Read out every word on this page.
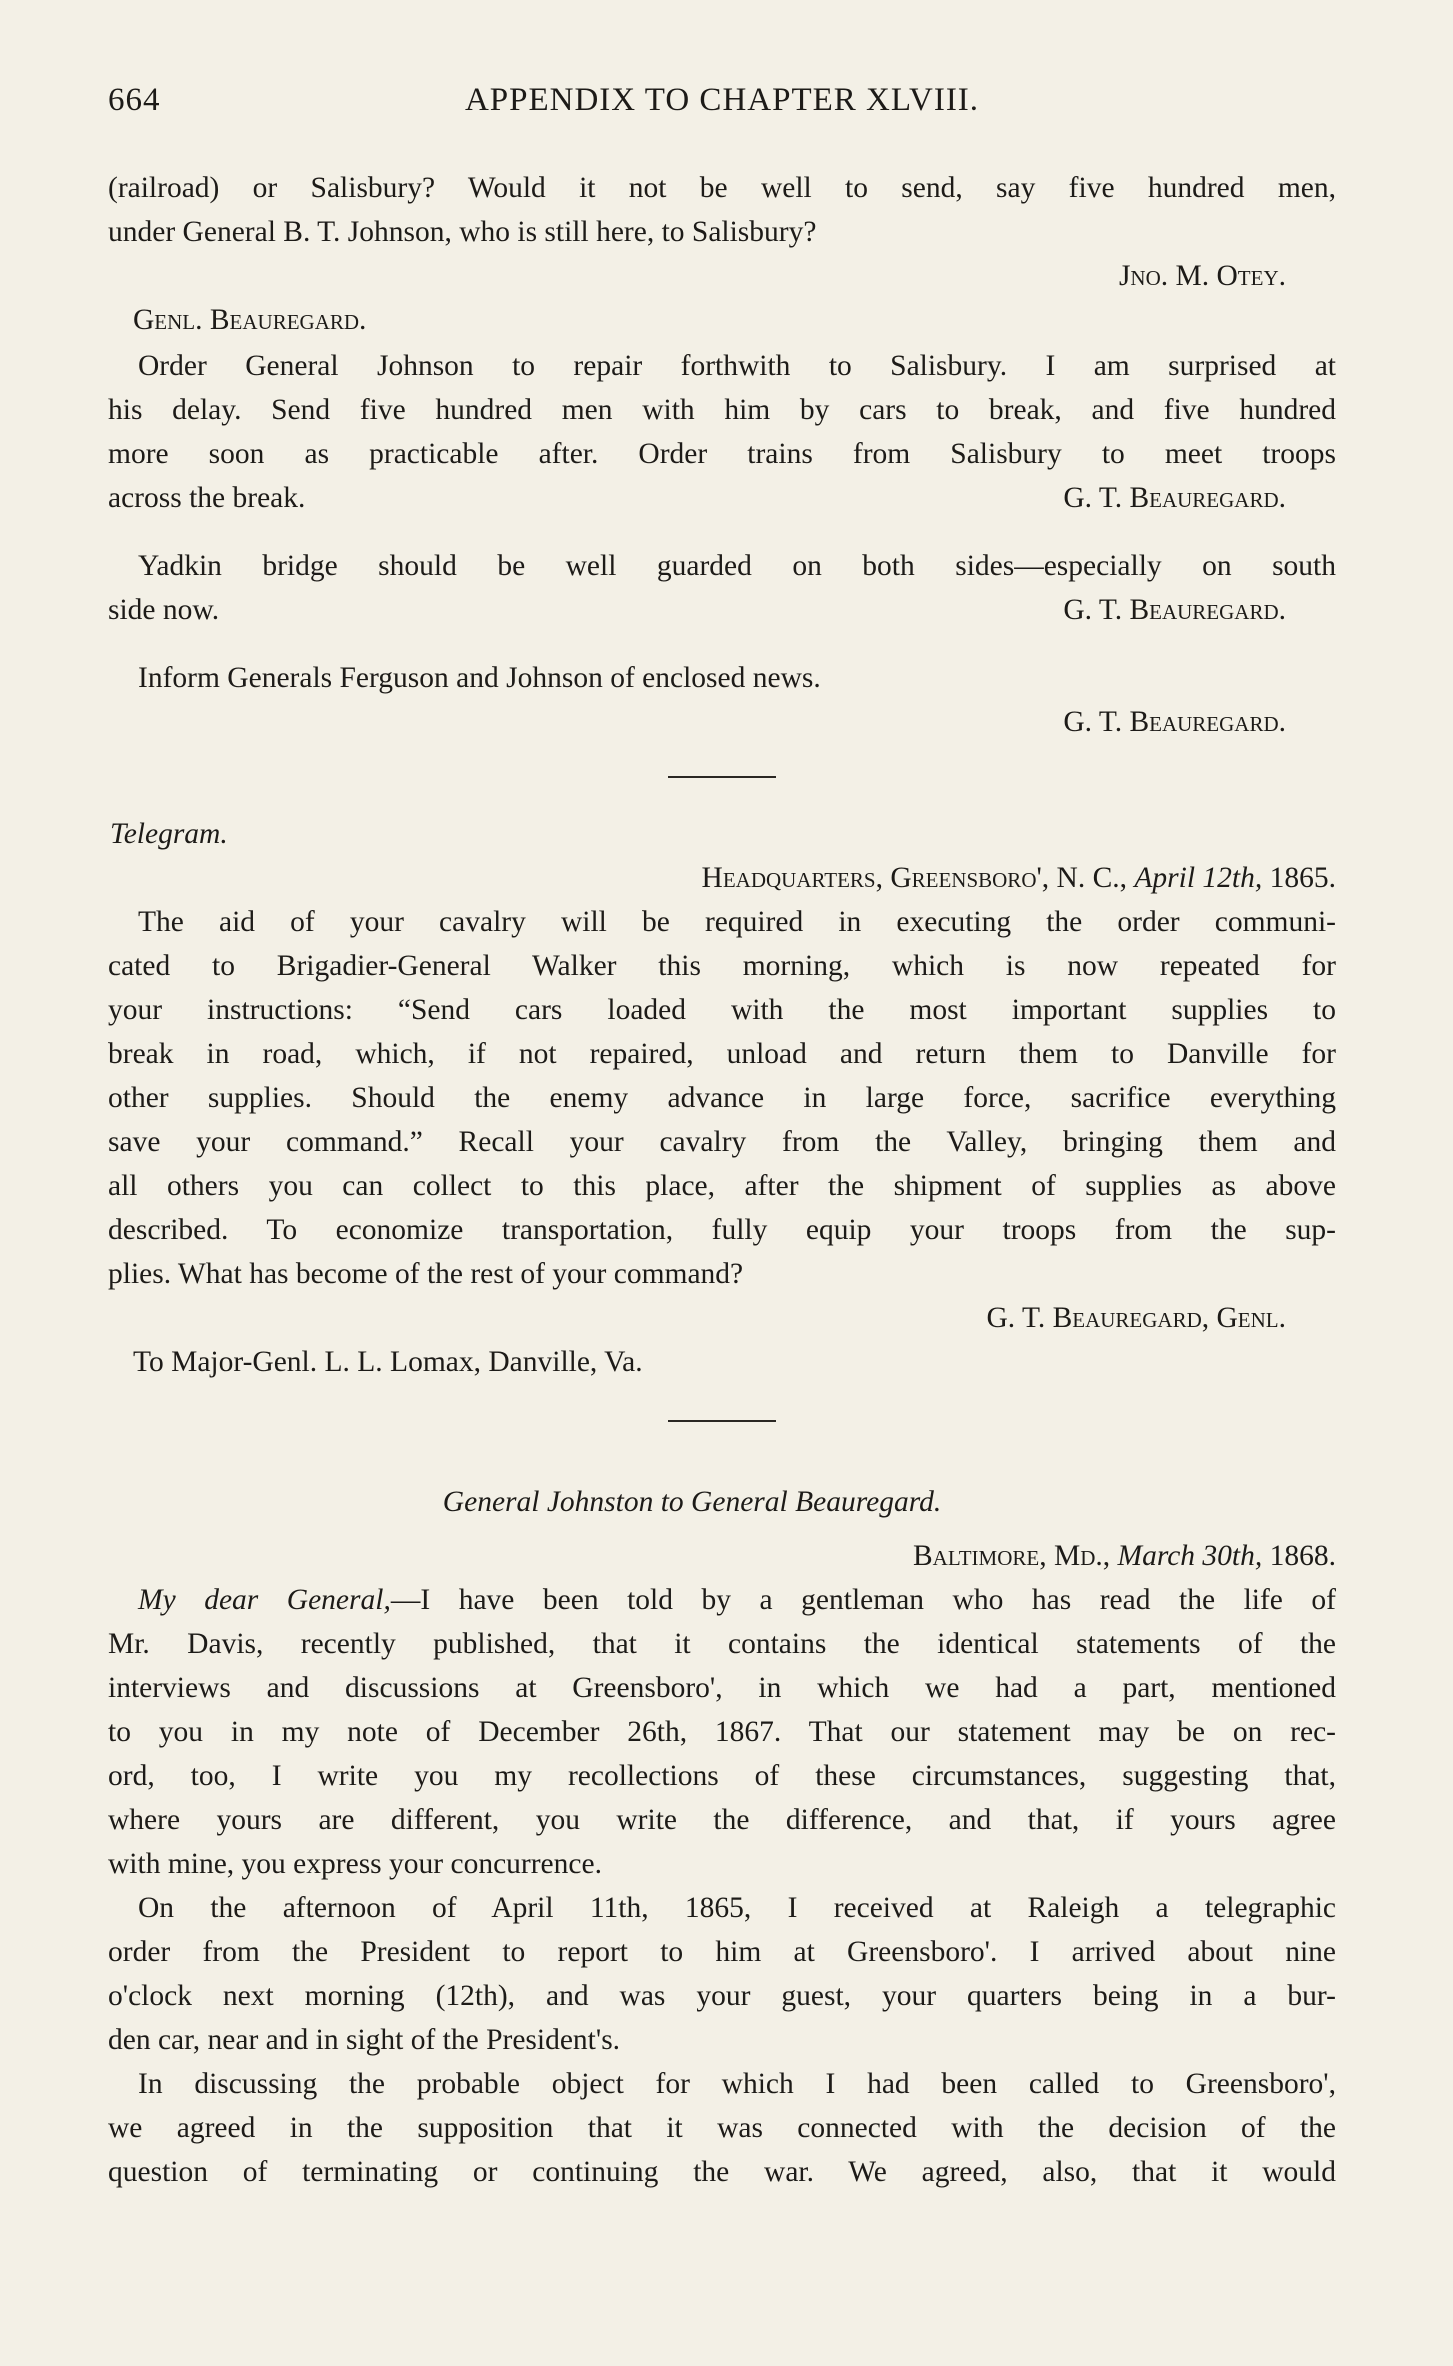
664	APPENDIX TO CHAPTER XLVIII.
(railroad) or Salisbury? Would it not be well to send, say five hundred men,
under General B. T. Johnson, who is still here, to Salisbury?
Jno. M. Otey.
Genl. Beauregard.
Order General Johnson to repair forthwith to Salisbury. I am surprised at
his delay. Send five hundred men with him by cars to break, and five hundred
more soon as practicable after. Order trains from Salisbury to meet troops
across the break.	G. T. Beauregard.
Yadkin bridge should be well guarded on both sides—especially on south
side now.	G. T. Beauregard.
Inform Generals Ferguson and Johnson of enclosed news.
G. T. Beauregard.
Telegram.
Headquarters, Greensboro', N. C., April 12th, 1865.
The aid of your cavalry will be required in executing the order communi-
cated to Brigadier-General Walker this morning, which is now repeated for
your instructions: “Send cars loaded with the most important supplies to
break in road, which, if not repaired, unload and return them to Danville for
other supplies. Should the enemy advance in large force, sacrifice everything
save your command.” Recall your cavalry from the Valley, bringing them and
all others you can collect to this place, after the shipment of supplies as above
described. To economize transportation, fully equip your troops from the sup-
plies. What has become of the rest of your command?
G. T. Beauregard, Genl.
To Major-Genl. L. L. Lomax, Danville, Va.
General Johnston to General Beauregard.
Baltimore, Md., March 30th, 1868.
My dear General,—I have been told by a gentleman who has read the life of
Mr. Davis, recently published, that it contains the identical statements of the
interviews and discussions at Greensboro', in which we had a part, mentioned
to you in my note of December 26th, 1867. That our statement may be on rec-
ord, too, I write you my recollections of these circumstances, suggesting that,
where yours are different, you write the difference, and that, if yours agree
with mine, you express your concurrence.
On the afternoon of April 11th, 1865, I received at Raleigh a telegraphic
order from the President to report to him at Greensboro'. I arrived about nine
o'clock next morning (12th), and was your guest, your quarters being in a bur-
den car, near and in sight of the President's.
In discussing the probable object for which I had been called to Greensboro',
we agreed in the supposition that it was connected with the decision of the
question of terminating or continuing the war. We agreed, also, that it would
